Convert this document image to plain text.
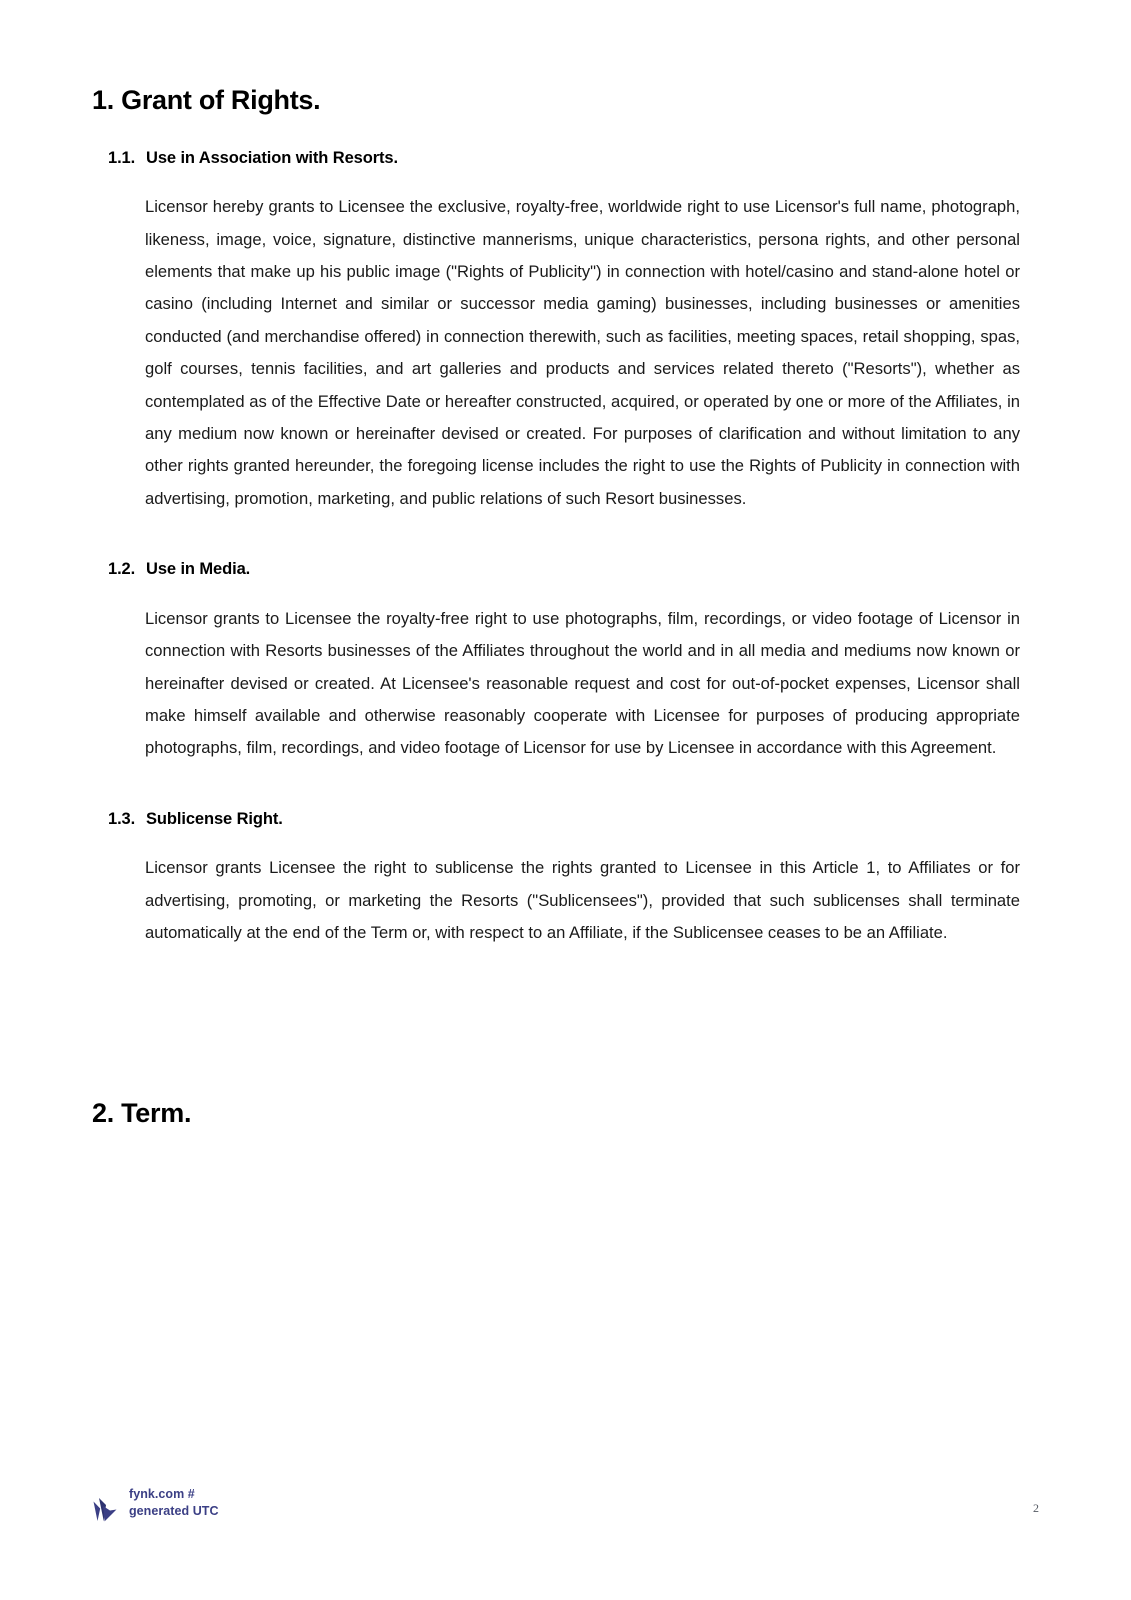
1. Grant of Rights.
1.1. Use in Association with Resorts.

Licensor hereby grants to Licensee the exclusive, royalty-free, worldwide right to use Licensor's full name, photograph, likeness, image, voice, signature, distinctive mannerisms, unique characteristics, persona rights, and other personal elements that make up his public image ("Rights of Publicity") in connection with hotel/casino and stand-alone hotel or casino (including Internet and similar or successor media gaming) businesses, including businesses or amenities conducted (and merchandise offered) in connection therewith, such as facilities, meeting spaces, retail shopping, spas, golf courses, tennis facilities, and art galleries and products and services related thereto ("Resorts"), whether as contemplated as of the Effective Date or hereafter constructed, acquired, or operated by one or more of the Affiliates, in any medium now known or hereinafter devised or created. For purposes of clarification and without limitation to any other rights granted hereunder, the foregoing license includes the right to use the Rights of Publicity in connection with advertising, promotion, marketing, and public relations of such Resort businesses.

1.2. Use in Media.

Licensor grants to Licensee the royalty-free right to use photographs, film, recordings, or video footage of Licensor in connection with Resorts businesses of the Affiliates throughout the world and in all media and mediums now known or hereinafter devised or created. At Licensee's reasonable request and cost for out-of-pocket expenses, Licensor shall make himself available and otherwise reasonably cooperate with Licensee for purposes of producing appropriate photographs, film, recordings, and video footage of Licensor for use by Licensee in accordance with this Agreement.

1.3. Sublicense Right.

Licensor grants Licensee the right to sublicense the rights granted to Licensee in this Article 1, to Affiliates or for advertising, promoting, or marketing the Resorts ("Sublicensees"), provided that such sublicenses shall terminate automatically at the end of the Term or, with respect to an Affiliate, if the Sublicensee ceases to be an Affiliate.

2. Term.
fynk.com #
generated UTC	2
